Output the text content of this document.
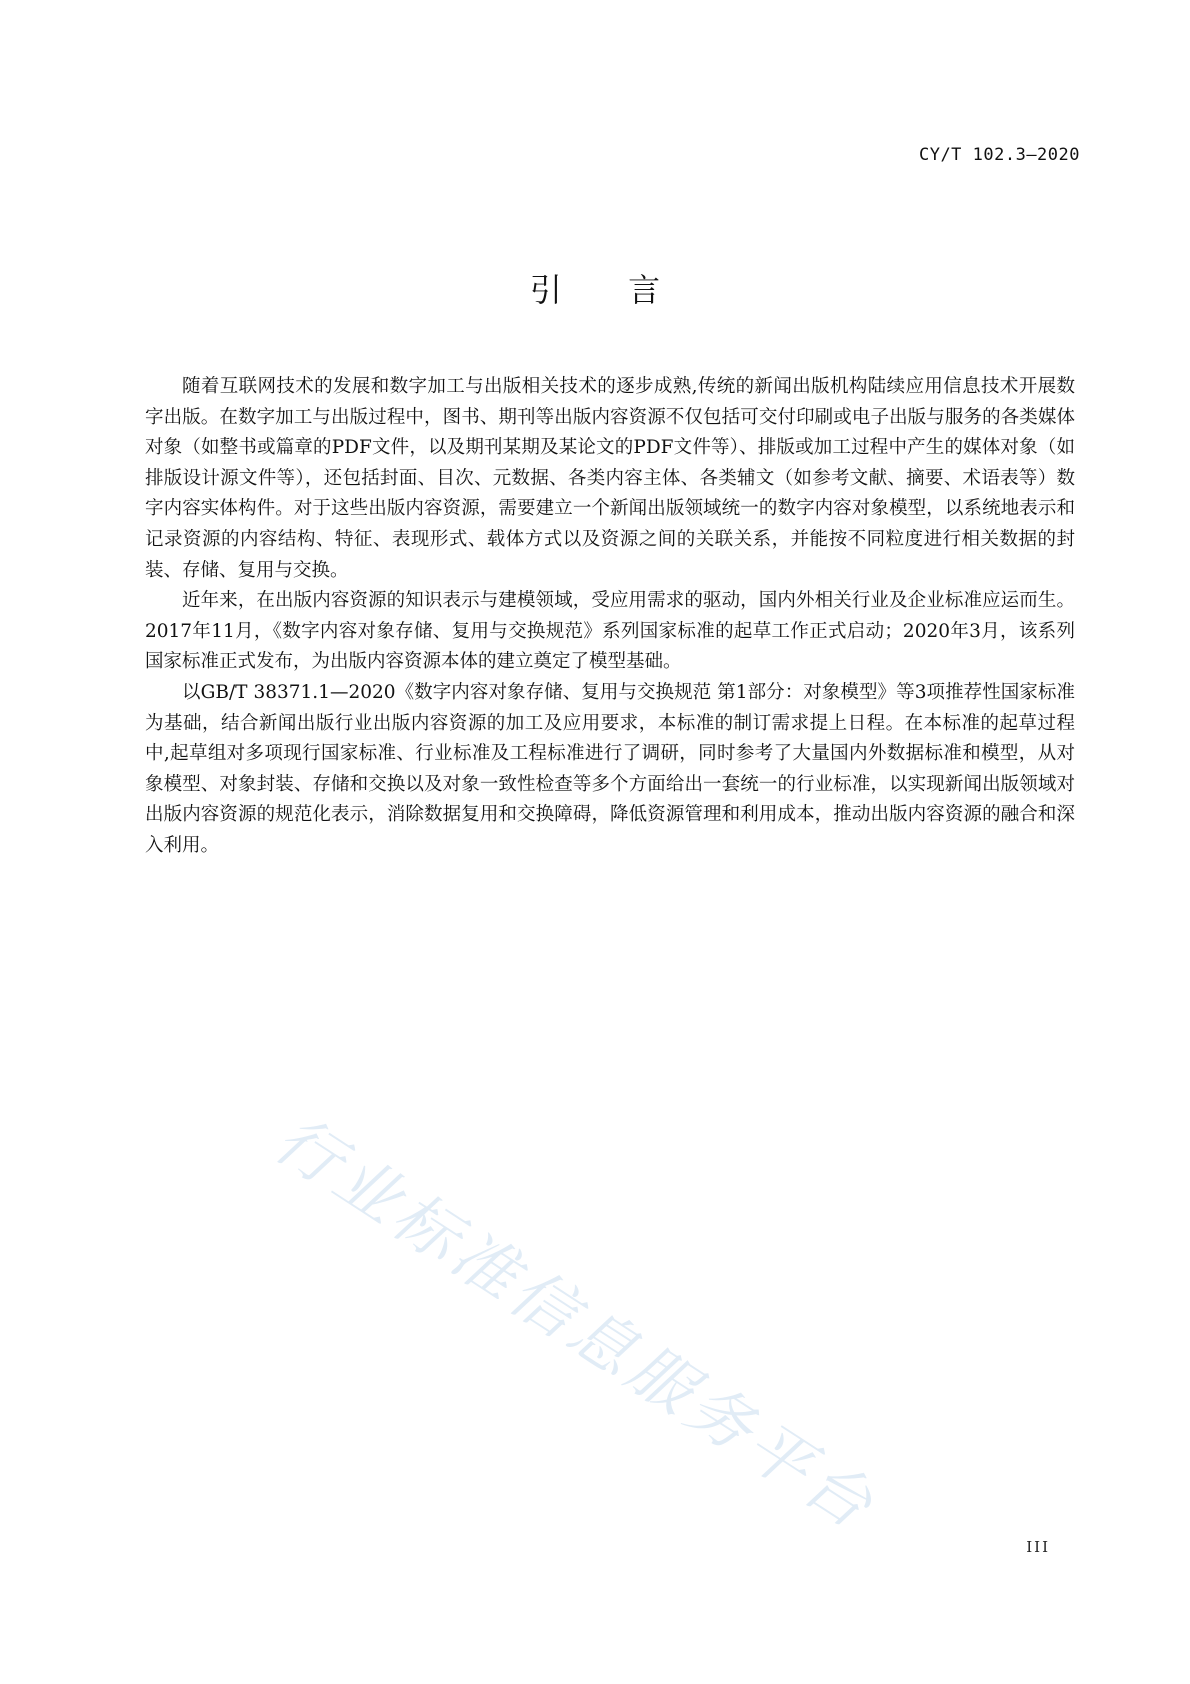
CY/T 102.3—2020
引 言

随着互联网技术的发展和数字加工与出版相关技术的逐步成熟,传统的新闻出版机构陆续应用信息技术开展数字出版。在数字加工与出版过程中，图书、期刊等出版内容资源不仅包括可交付印刷或电子出版与服务的各类媒体对象（如整书或篇章的PDF文件，以及期刊某期及某论文的PDF文件等）、排版或加工过程中产生的媒体对象（如排版设计源文件等），还包括封面、目次、元数据、各类内容主体、各类辅文（如参考文献、摘要、术语表等）数字内容实体构件。对于这些出版内容资源，需要建立一个新闻出版领域统一的数字内容对象模型，以系统地表示和记录资源的内容结构、特征、表现形式、载体方式以及资源之间的关联关系，并能按不同粒度进行相关数据的封装、存储、复用与交换。

近年来，在出版内容资源的知识表示与建模领域，受应用需求的驱动，国内外相关行业及企业标准应运而生。2017年11月，《数字内容对象存储、复用与交换规范》系列国家标准的起草工作正式启动；2020年3月，该系列国家标准正式发布，为出版内容资源本体的建立奠定了模型基础。

以GB/T 38371.1—2020《数字内容对象存储、复用与交换规范 第1部分：对象模型》等3项推荐性国家标准为基础，结合新闻出版行业出版内容资源的加工及应用要求，本标准的制订需求提上日程。在本标准的起草过程中,起草组对多项现行国家标准、行业标准及工程标准进行了调研，同时参考了大量国内外数据标准和模型，从对象模型、对象封装、存储和交换以及对象一致性检查等多个方面给出一套统一的行业标准，以实现新闻出版领域对出版内容资源的规范化表示，消除数据复用和交换障碍，降低资源管理和利用成本，推动出版内容资源的融合和深入利用。

行业标准信息服务平台
III
